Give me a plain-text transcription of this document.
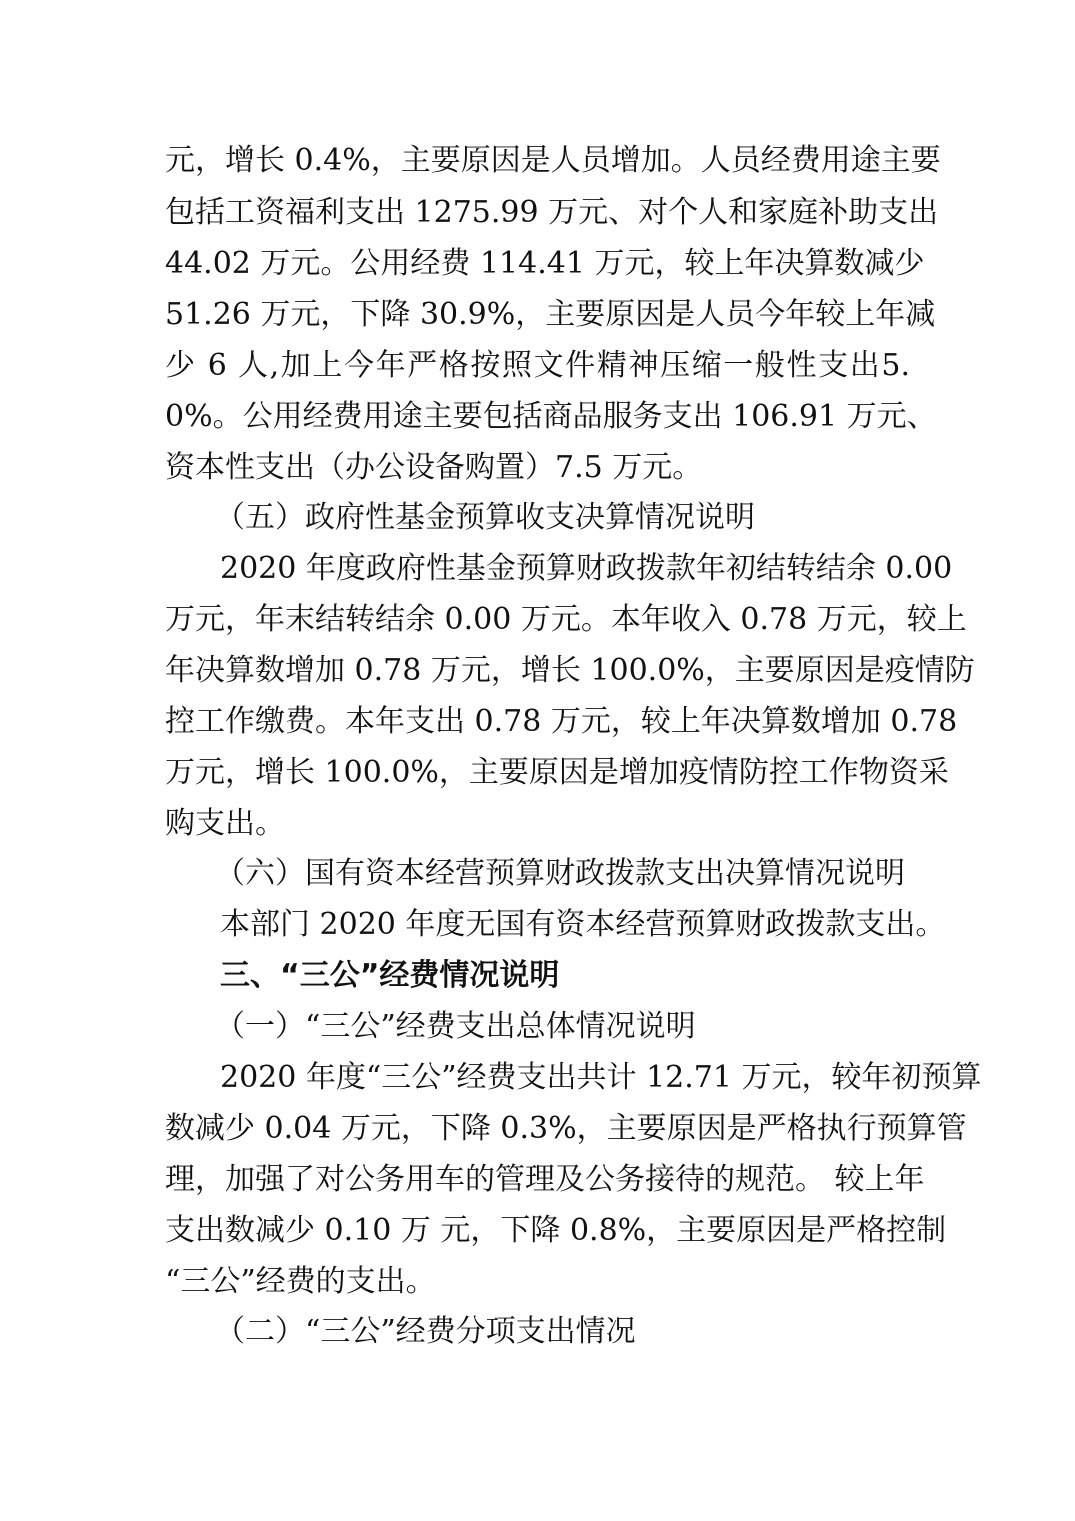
元，增长 0.4%，主要原因是人员增加。人员经费用途主要
包括工资福利支出 1275.99 万元、对个人和家庭补助支出
44.02 万元。公用经费 114.41 万元，较上年决算数减少
51.26 万元，下降 30.9%，主要原因是人员今年较上年减
少 6 人,加上今年严格按照文件精神压缩一般性支出5.
0%。公用经费用途主要包括商品服务支出 106.91 万元、
资本性支出（办公设备购置）7.5 万元。
（五）政府性基金预算收支决算情况说明
2020 年度政府性基金预算财政拨款年初结转结余 0.00
万元，年末结转结余 0.00 万元。本年收入 0.78 万元，较上
年决算数增加 0.78 万元，增长 100.0%，主要原因是疫情防
控工作缴费。本年支出 0.78 万元，较上年决算数增加 0.78
万元，增长 100.0%，主要原因是增加疫情防控工作物资采
购支出。
（六）国有资本经营预算财政拨款支出决算情况说明
本部门 2020 年度无国有资本经营预算财政拨款支出。
三、“三公”经费情况说明
（一）“三公”经费支出总体情况说明
2020 年度“三公”经费支出共计 12.71 万元，较年初预算
数减少 0.04 万元，下降 0.3%，主要原因是严格执行预算管
理，加强了对公务用车的管理及公务接待的规范。 较上年
支出数减少 0.10 万 元，下降 0.8%，主要原因是严格控制
“三公”经费的支出。
（二）“三公”经费分项支出情况
